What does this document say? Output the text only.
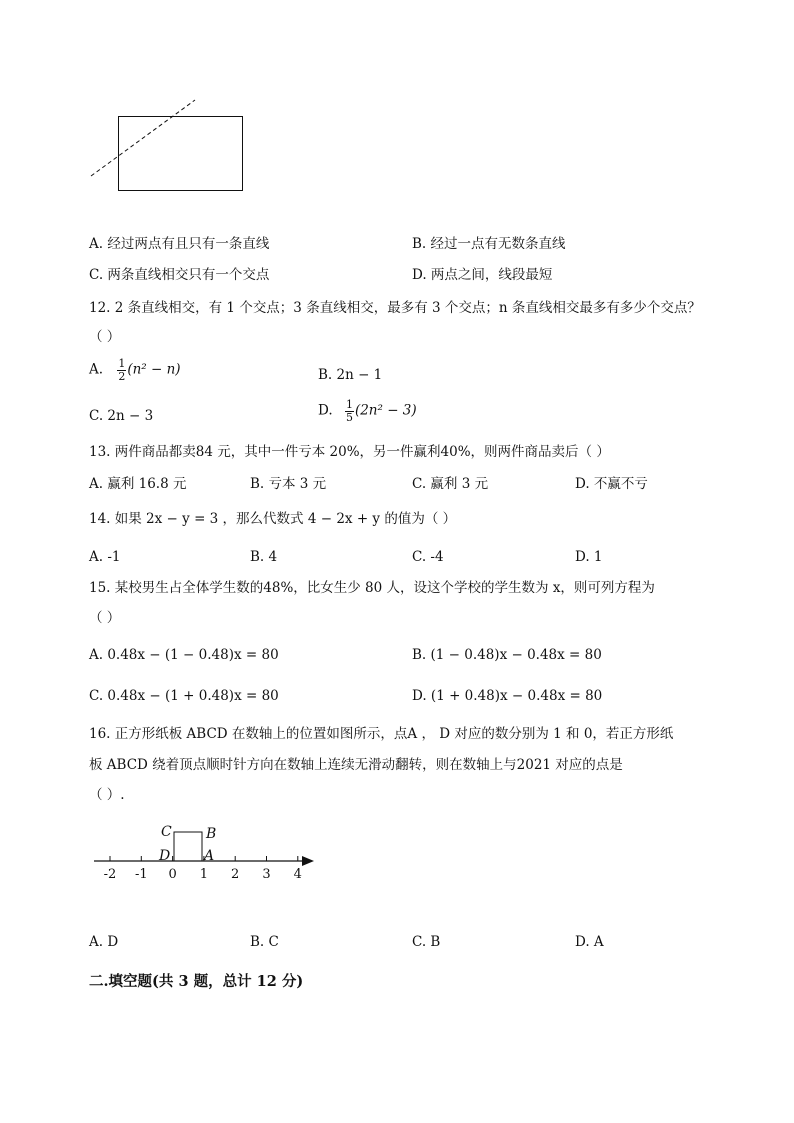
A. 经过两点有且只有一条直线	B. 经过一点有无数条直线
C. 两条直线相交只有一个交点	D. 两点之间，线段最短
12. 2 条直线相交，有 1 个交点；3 条直线相交，最多有 3 个交点；n 条直线相交最多有多少个交点？
（ ）
A. $\frac{1}{2} (n^2 - n)$	B. 2n − 1
C. 2n − 3	D. $\frac{1}{5} (2n^2 - 3)$
13. 两件商品都卖84 元，其中一件亏本 20%，另一件赢利40%，则两件商品卖后（ ）
A. 赢利 16.8 元	B. 亏本 3 元	C. 赢利 3 元	D. 不赢不亏
14. 如果 2x − y = 3 ，那么代数式 4 − 2x + y 的值为（ ）
A. -1	B. 4	C. -4	D. 1
15. 某校男生占全体学生数的48%，比女生少 80 人，设这个学校的学生数为 x，则可列方程为
（ ）
A. 0.48x − (1 − 0.48)x = 80	B. (1 − 0.48)x − 0.48x = 80
C. 0.48x − (1 + 0.48)x = 80	D. (1 + 0.48)x − 0.48x = 80
16. 正方形纸板 ABCD 在数轴上的位置如图所示，点A ， D 对应的数分别为 1 和 0，若正方形纸
板 ABCD 绕着顶点顺时针方向在数轴上连续无滑动翻转，则在数轴上与2021 对应的点是
（ ）.
-2 -1 0 1 2 3 4
C B
D A
A. D	B. C	C. B	D. A
二.填空题(共 3 题，总计 12 分)
